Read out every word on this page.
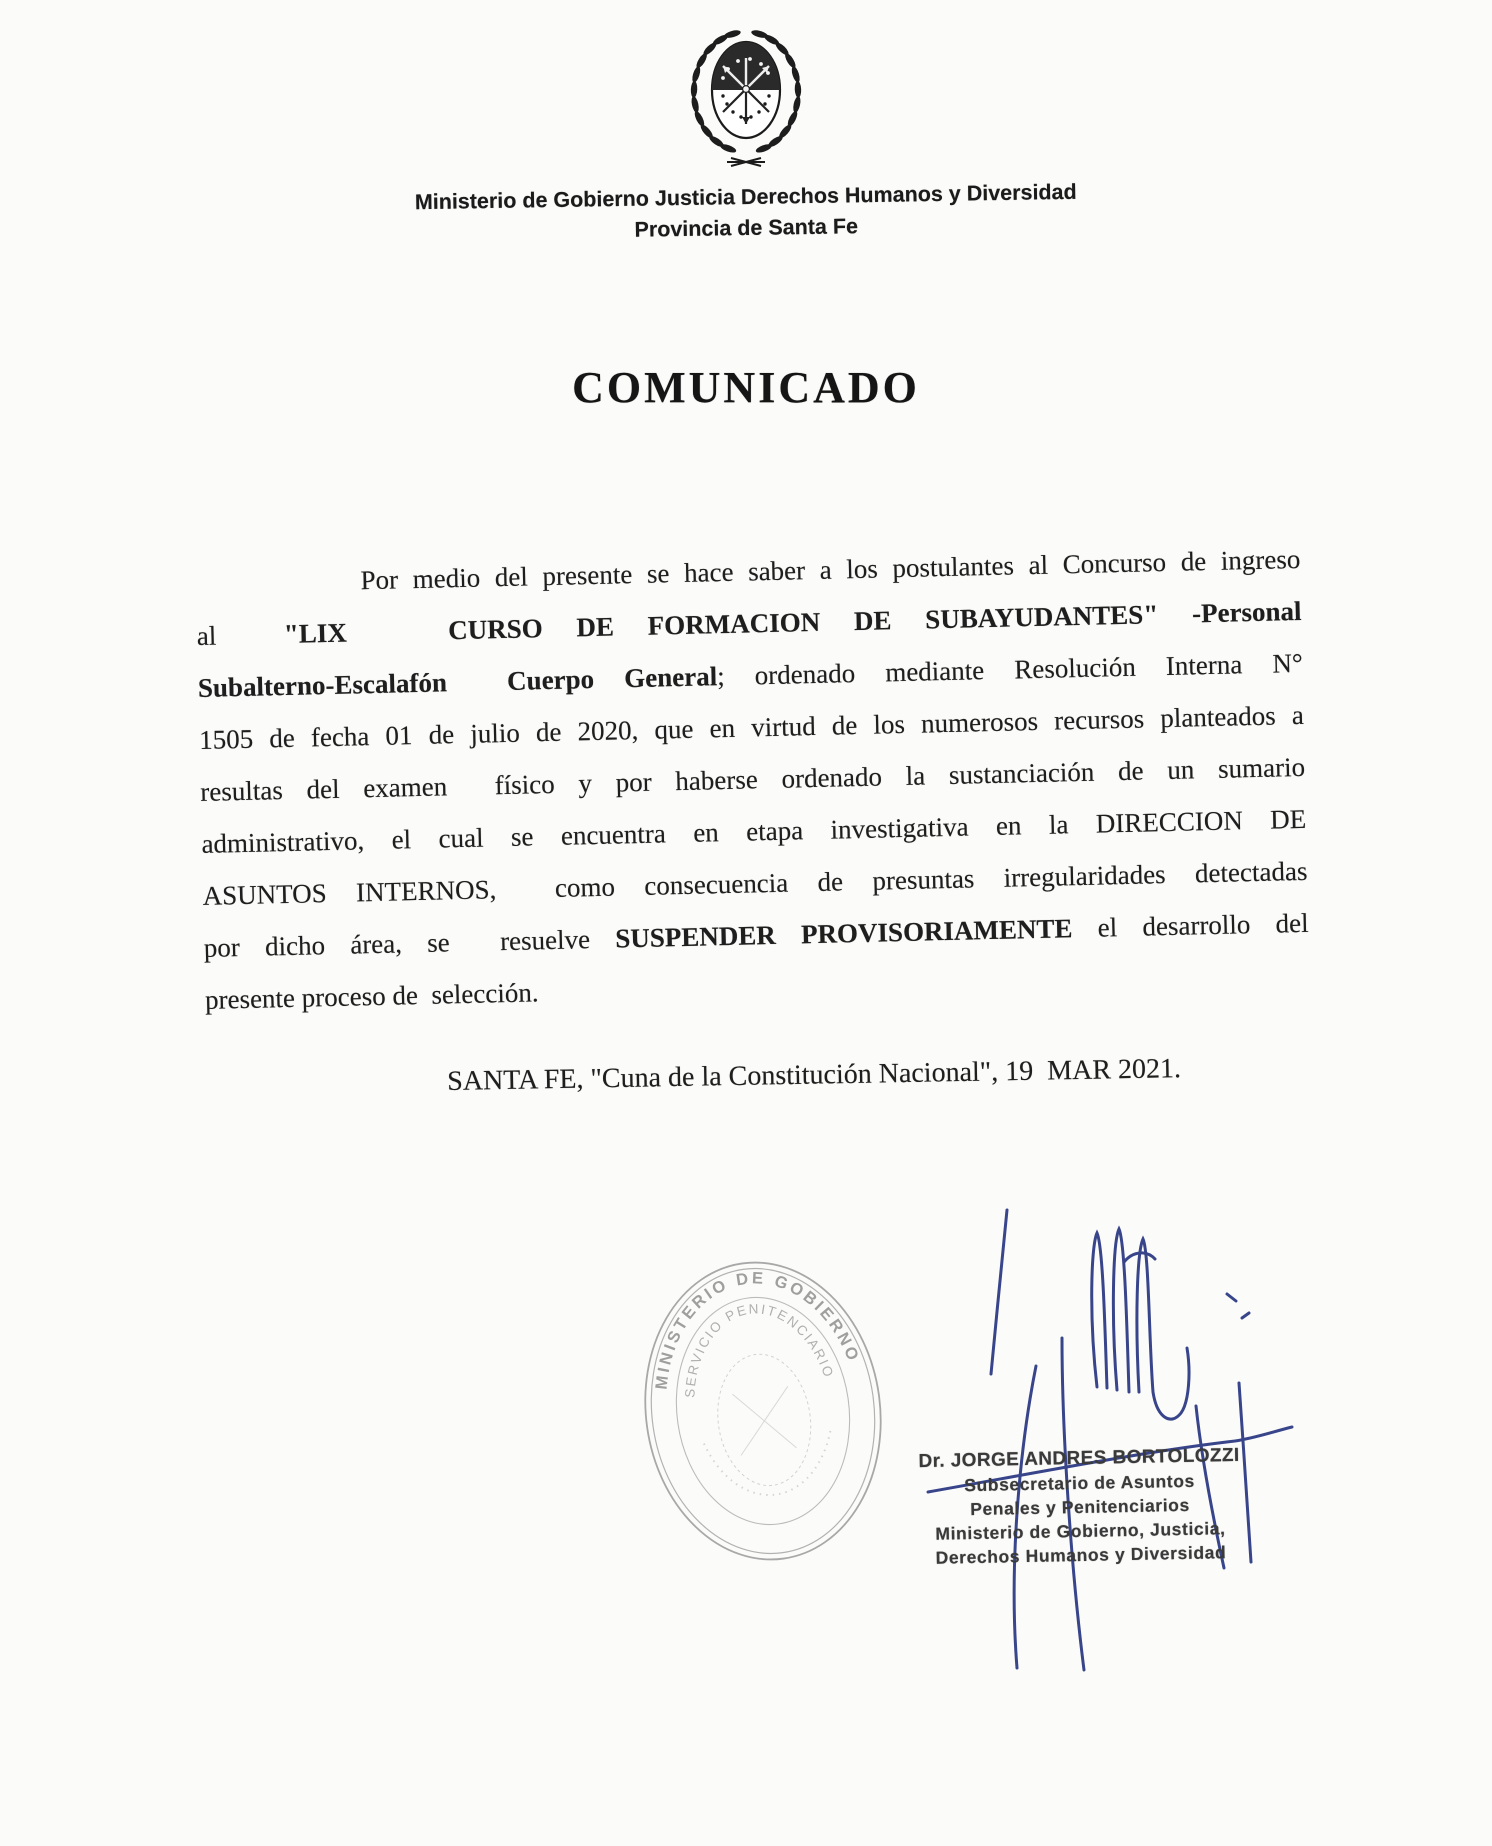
Ministerio de Gobierno Justicia Derechos Humanos y Diversidad
Provincia de Santa Fe
COMUNICADO
Por medio del presente se hace saber a los postulantes al Concurso de ingreso
al  "LIX   CURSO DE FORMACION DE SUBAYUDANTES" -Personal
Subalterno-Escalafón  Cuerpo General; ordenado mediante Resolución Interna N°
1505 de fecha 01 de julio de 2020, que en virtud de los numerosos recursos planteados a
resultas del examen  físico y por haberse ordenado la sustanciación de un sumario
administrativo, el cual se encuentra en etapa investigativa en la DIRECCION DE
ASUNTOS INTERNOS,  como consecuencia de presuntas irregularidades detectadas
por dicho área, se  resuelve SUSPENDER PROVISORIAMENTE el desarrollo del
presente proceso de  selección.
SANTA FE, "Cuna de la Constitución Nacional", 19  MAR 2021.
MINISTERIO DE GOBIERNO
SERVICIO PENITENCIARIO
Dr. JORGE ANDRES BORTOLOZZI
Subsecretario de Asuntos
Penales y Penitenciarios
Ministerio de Gobierno, Justicia,
Derechos Humanos y Diversidad
